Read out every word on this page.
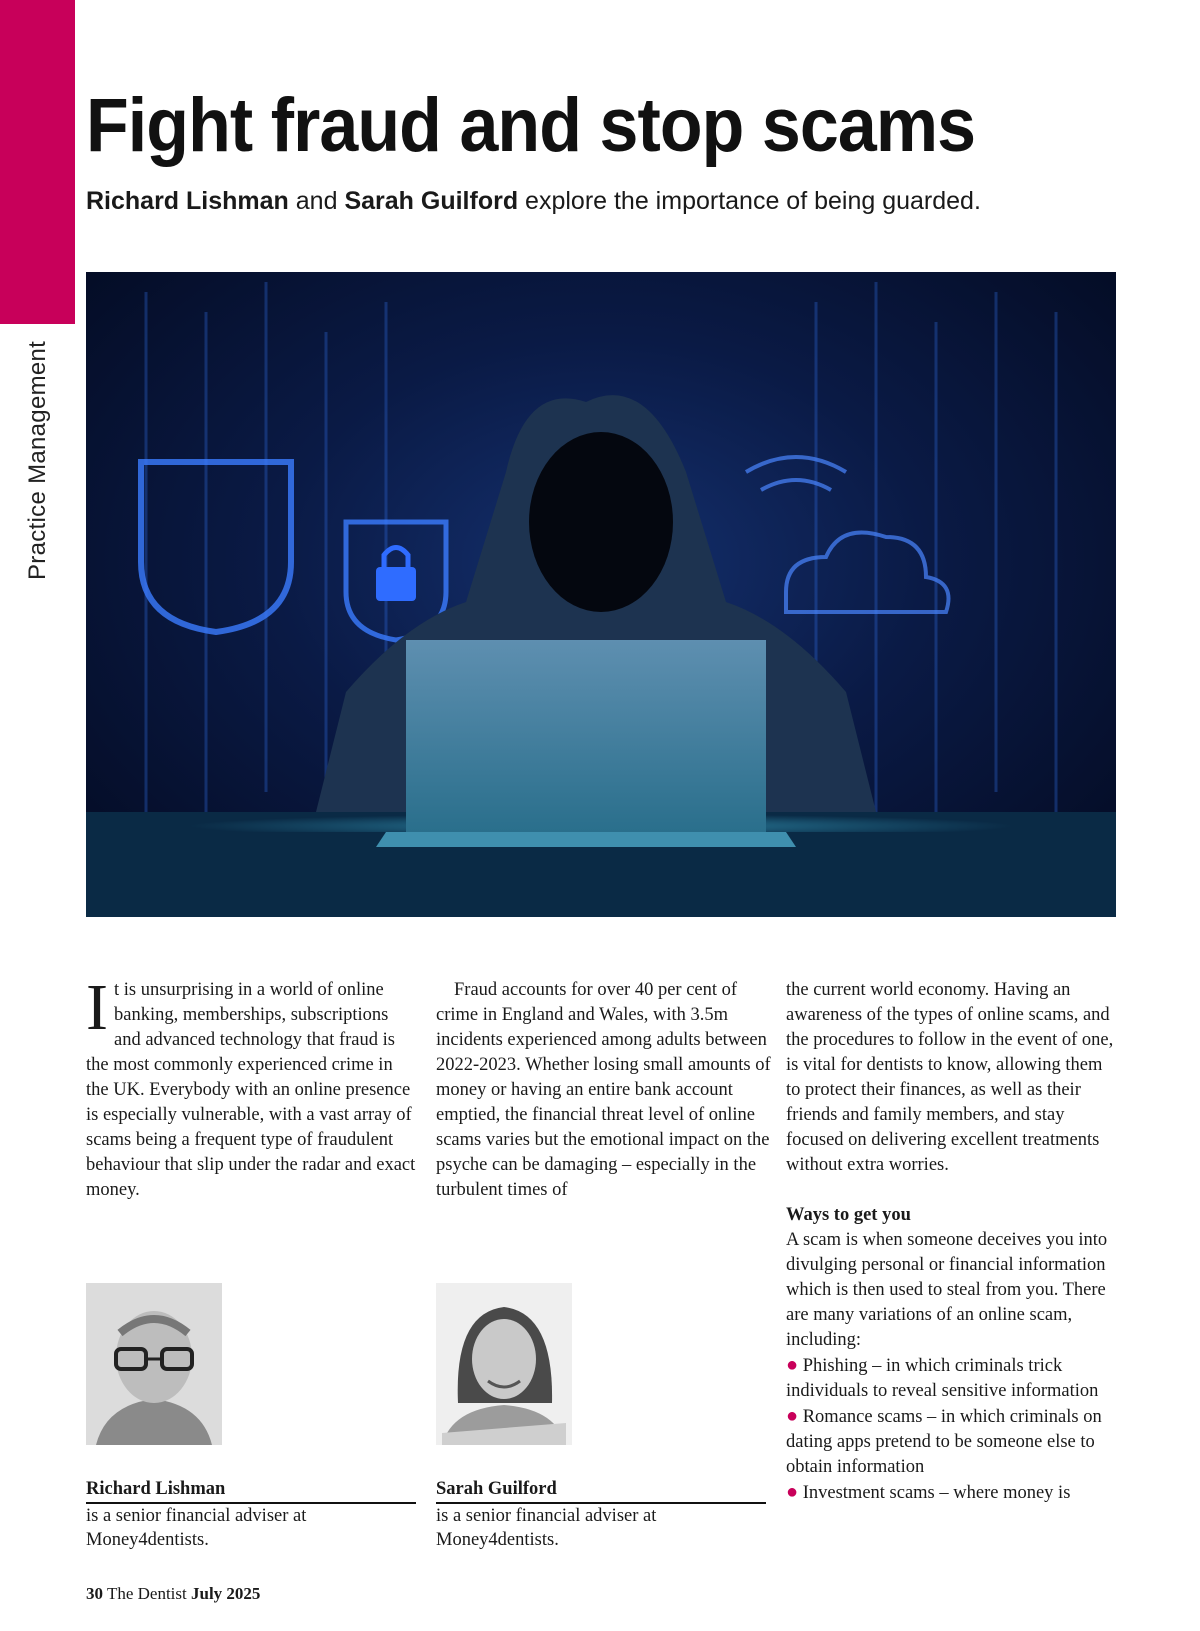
Practice Management
Fight fraud and stop scams
Richard Lishman and Sarah Guilford explore the importance of being guarded.

I t is unsurprising in a world of online banking, memberships, subscriptions and advanced technology that fraud is the most commonly experienced crime in the UK. Everybody with an online presence is especially vulnerable, with a vast array of scams being a frequent type of fraudulent behaviour that slip under the radar and exact money.

Fraud accounts for over 40 per cent of crime in England and Wales, with 3.5m incidents experienced among adults between 2022-2023. Whether losing small amounts of money or having an entire bank account emptied, the financial threat level of online scams varies but the emotional impact on the psyche can be damaging – especially in the turbulent times of

the current world economy. Having an awareness of the types of online scams, and the procedures to follow in the event of one, is vital for dentists to know, allowing them to protect their finances, as well as their friends and family members, and stay focused on delivering excellent treatments without extra worries.

Ways to get you

A scam is when someone deceives you into divulging personal or financial information which is then used to steal from you. There are many variations of an online scam, including:

● Phishing – in which criminals trick individuals to reveal sensitive information

● Romance scams – in which criminals on dating apps pretend to be someone else to obtain information

● Investment scams – where money is

Richard Lishman
is a senior financial adviser at Money4dentists.
Sarah Guilford
is a senior financial adviser at Money4dentists.
30 The Dentist July 2025
